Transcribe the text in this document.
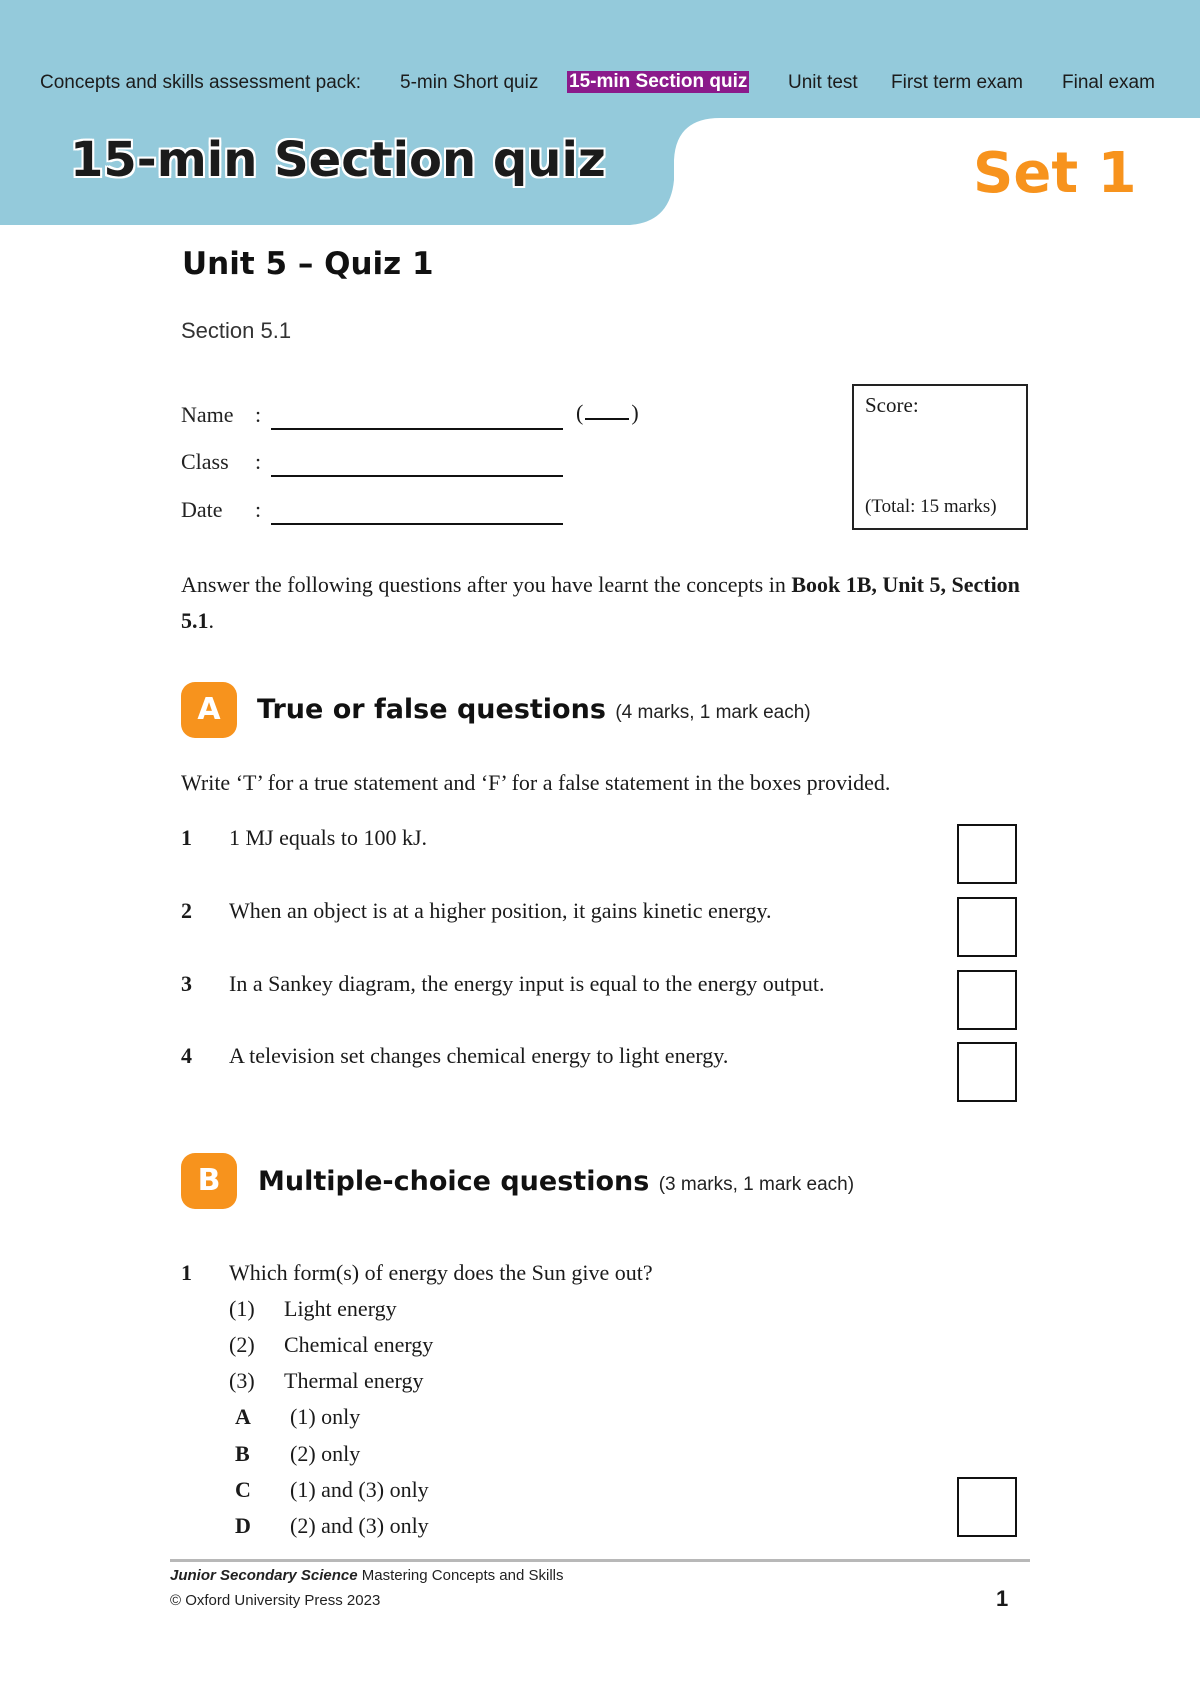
Concepts and skills assessment pack: 5-min Short quiz 15-min Section quiz Unit test First term exam Final exam
15-min Section quiz	Set 1
Unit 5 – Quiz 1
Section 5.1
Name :	( )
Class :
Date :
Score:
(Total: 15 marks)
Answer the following questions after you have learnt the concepts in Book 1B, Unit 5, Section 5.1.
A	True or false questions (4 marks, 1 mark each)
Write ‘T’ for a true statement and ‘F’ for a false statement in the boxes provided.
1 1 MJ equals to 100 kJ.
2 When an object is at a higher position, it gains kinetic energy.
3 In a Sankey diagram, the energy input is equal to the energy output.
4 A television set changes chemical energy to light energy.
B	Multiple-choice questions (3 marks, 1 mark each)
1 Which form(s) of energy does the Sun give out?
(1) Light energy
(2) Chemical energy
(3) Thermal energy
A (1) only
B (2) only
C (1) and (3) only
D (2) and (3) only
Junior Secondary Science Mastering Concepts and Skills
© Oxford University Press 2023	1
